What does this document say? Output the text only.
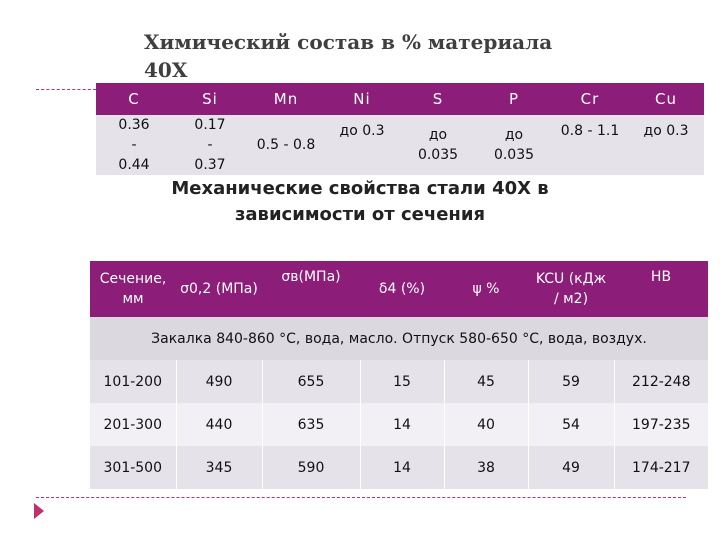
Химический состав в % материала 40Х
C	Si	Mn	Ni	S	P	Cr	Cu
0.36 - 0.44	0.17 - 0.37	0.5 - 0.8	до 0.3	до 0.035	до 0.035	0.8 - 1.1	до 0.3
Механические свойства стали 40Х в зависимости от сечения
Сечение, мм	σ0,2 (МПа)	σв(МПа)	δ4 (%)	ψ %	KCU (кДж / м2)	HB
Закалка 840-860 °С, вода, масло. Отпуск 580-650 °С, вода, воздух.						
101-200	490	655	15	45	59	212-248
201-300	440	635	14	40	54	197-235
301-500	345	590	14	38	49	174-217
